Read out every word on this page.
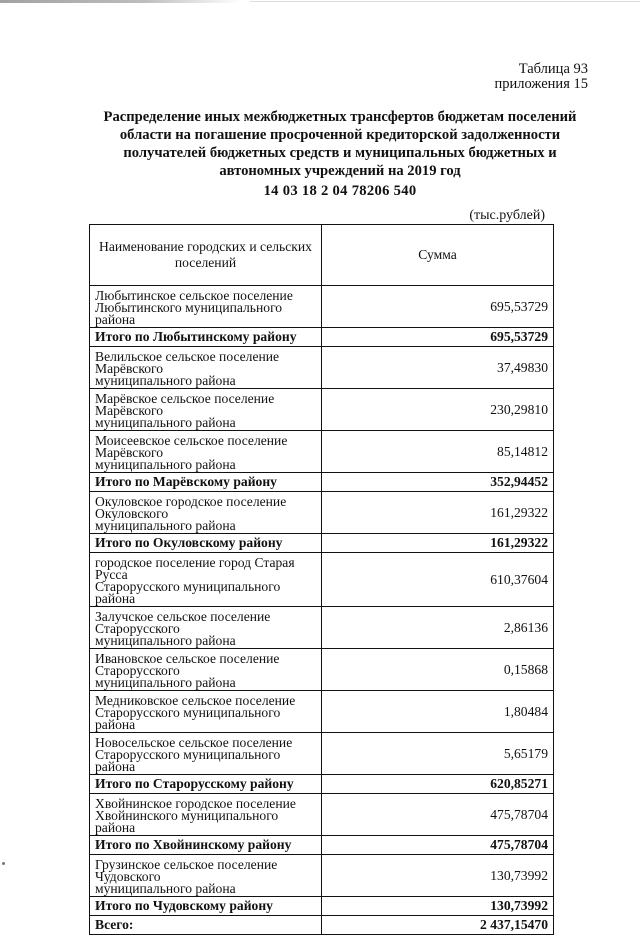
Таблица 93
приложения 15
Распределение иных межбюджетных трансфертов бюджетам поселений
области на погашение просроченной кредиторской задолженности
получателей бюджетных средств и муниципальных бюджетных и
автономных учреждений на 2019 год
14 03 18 2 04 78206 540
(тыс.рублей)
Наименование городских и сельских поселений	Сумма

Любытинское сельское поселение
Любытинского муниципального района	695,53729
Итого по Любытинскому району	695,53729

Велильское сельское поселение Марёвского
муниципального района	37,49830

Марёвское сельское поселение Марёвского
муниципального района	230,29810

Моисеевское сельское поселение Марёвского
муниципального района	85,14812
Итого по Марёвскому району	352,94452

Окуловское городское поселение Окуловского
муниципального района	161,29322
Итого по Окуловскому району	161,29322

городское поселение город Старая Русса
Старорусского муниципального района	610,37604

Залучское сельское поселение Старорусского
муниципального района	2,86136

Ивановское сельское поселение Старорусского
муниципального района	0,15868

Медниковское сельское поселение
Старорусского муниципального района	1,80484

Новосельское сельское поселение
Старорусского муниципального района	5,65179
Итого по Старорусскому району	620,85271

Хвойнинское городское поселение
Хвойнинского муниципального района	475,78704
Итого по Хвойнинскому району	475,78704

Грузинское сельское поселение Чудовского
муниципального района	130,73992
Итого по Чудовскому району	130,73992
Всего:	2 437,15470
